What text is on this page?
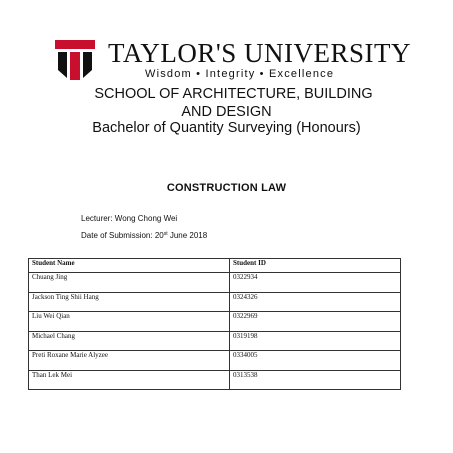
TAYLOR'S UNIVERSITY
Wisdom • Integrity • Excellence
SCHOOL OF ARCHITECTURE, BUILDING
AND DESIGN
Bachelor of Quantity Surveying (Honours)
CONSTRUCTION LAW
Lecturer: Wong Chong Wei
Date of Submission: 20st June 2018
Student Name	Student ID
Chuang Jing	0322934
Jackson Ting Shii Hang	0324326
Liu Wei Qian	0322969
Michael Chang	0319198
Preti Roxane Marie Alyzee	0334005
Than Lek Mei	0313538
